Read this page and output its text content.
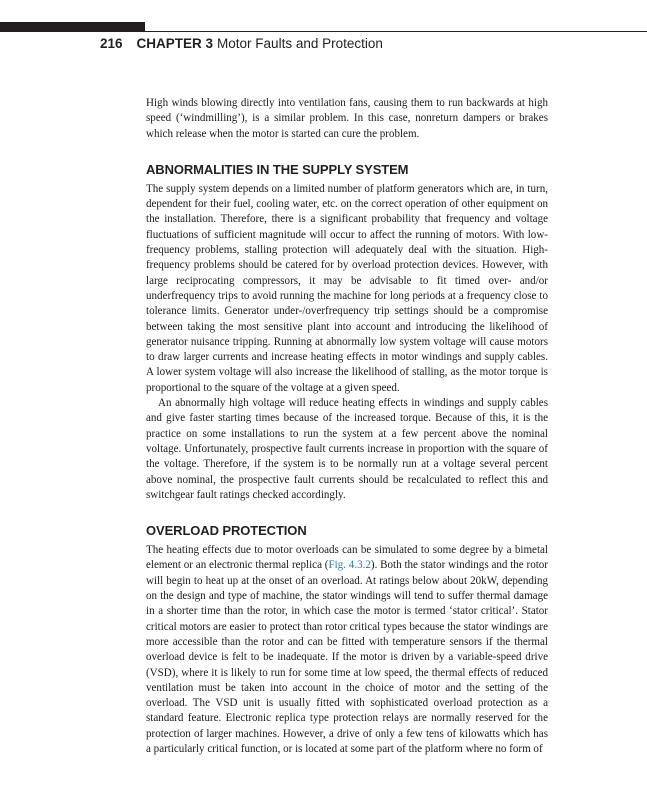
216 CHAPTER 3 Motor Faults and Protection

High winds blowing directly into ventilation fans, causing them to run backwards at high speed (‘windmilling’), is a similar problem. In this case, nonreturn dampers or brakes which release when the motor is started can cure the problem.

ABNORMALITIES IN THE SUPPLY SYSTEM

The supply system depends on a limited number of platform generators which are, in turn, dependent for their fuel, cooling water, etc. on the correct operation of other equipment on the installation. Therefore, there is a significant probability that frequency and voltage fluctuations of sufficient magnitude will occur to affect the running of motors. With low-frequency problems, stalling protection will adequately deal with the situation. High-frequency problems should be catered for by overload protection devices. However, with large reciprocating compressors, it may be advisable to fit timed over- and/or underfrequency trips to avoid running the machine for long periods at a frequency close to tolerance limits. Generator under-/overfrequency trip settings should be a compromise between taking the most sensitive plant into account and introducing the likelihood of generator nuisance tripping. Running at abnormally low system voltage will cause motors to draw larger currents and increase heating effects in motor windings and supply cables. A lower system voltage will also increase the likelihood of stalling, as the motor torque is proportional to the square of the voltage at a given speed.

An abnormally high voltage will reduce heating effects in windings and supply cables and give faster starting times because of the increased torque. Because of this, it is the practice on some installations to run the system at a few percent above the nominal voltage. Unfortunately, prospective fault currents increase in proportion with the square of the voltage. Therefore, if the system is to be normally run at a voltage several percent above nominal, the prospective fault currents should be recalculated to reflect this and switchgear fault ratings checked accordingly.

OVERLOAD PROTECTION

The heating effects due to motor overloads can be simulated to some degree by a bimetal element or an electronic thermal replica (Fig. 4.3.2). Both the stator windings and the rotor will begin to heat up at the onset of an overload. At ratings below about 20kW, depending on the design and type of machine, the stator windings will tend to suffer thermal damage in a shorter time than the rotor, in which case the motor is termed ‘stator critical’. Stator critical motors are easier to protect than rotor critical types because the stator windings are more accessible than the rotor and can be fitted with temperature sensors if the thermal overload device is felt to be inadequate. If the motor is driven by a variable-speed drive (VSD), where it is likely to run for some time at low speed, the thermal effects of reduced ventilation must be taken into account in the choice of motor and the setting of the overload. The VSD unit is usually fitted with sophisticated overload protection as a standard feature. Electronic replica type protection relays are normally reserved for the protection of larger machines. However, a drive of only a few tens of kilowatts which has a particularly critical function, or is located at some part of the platform where no form of
